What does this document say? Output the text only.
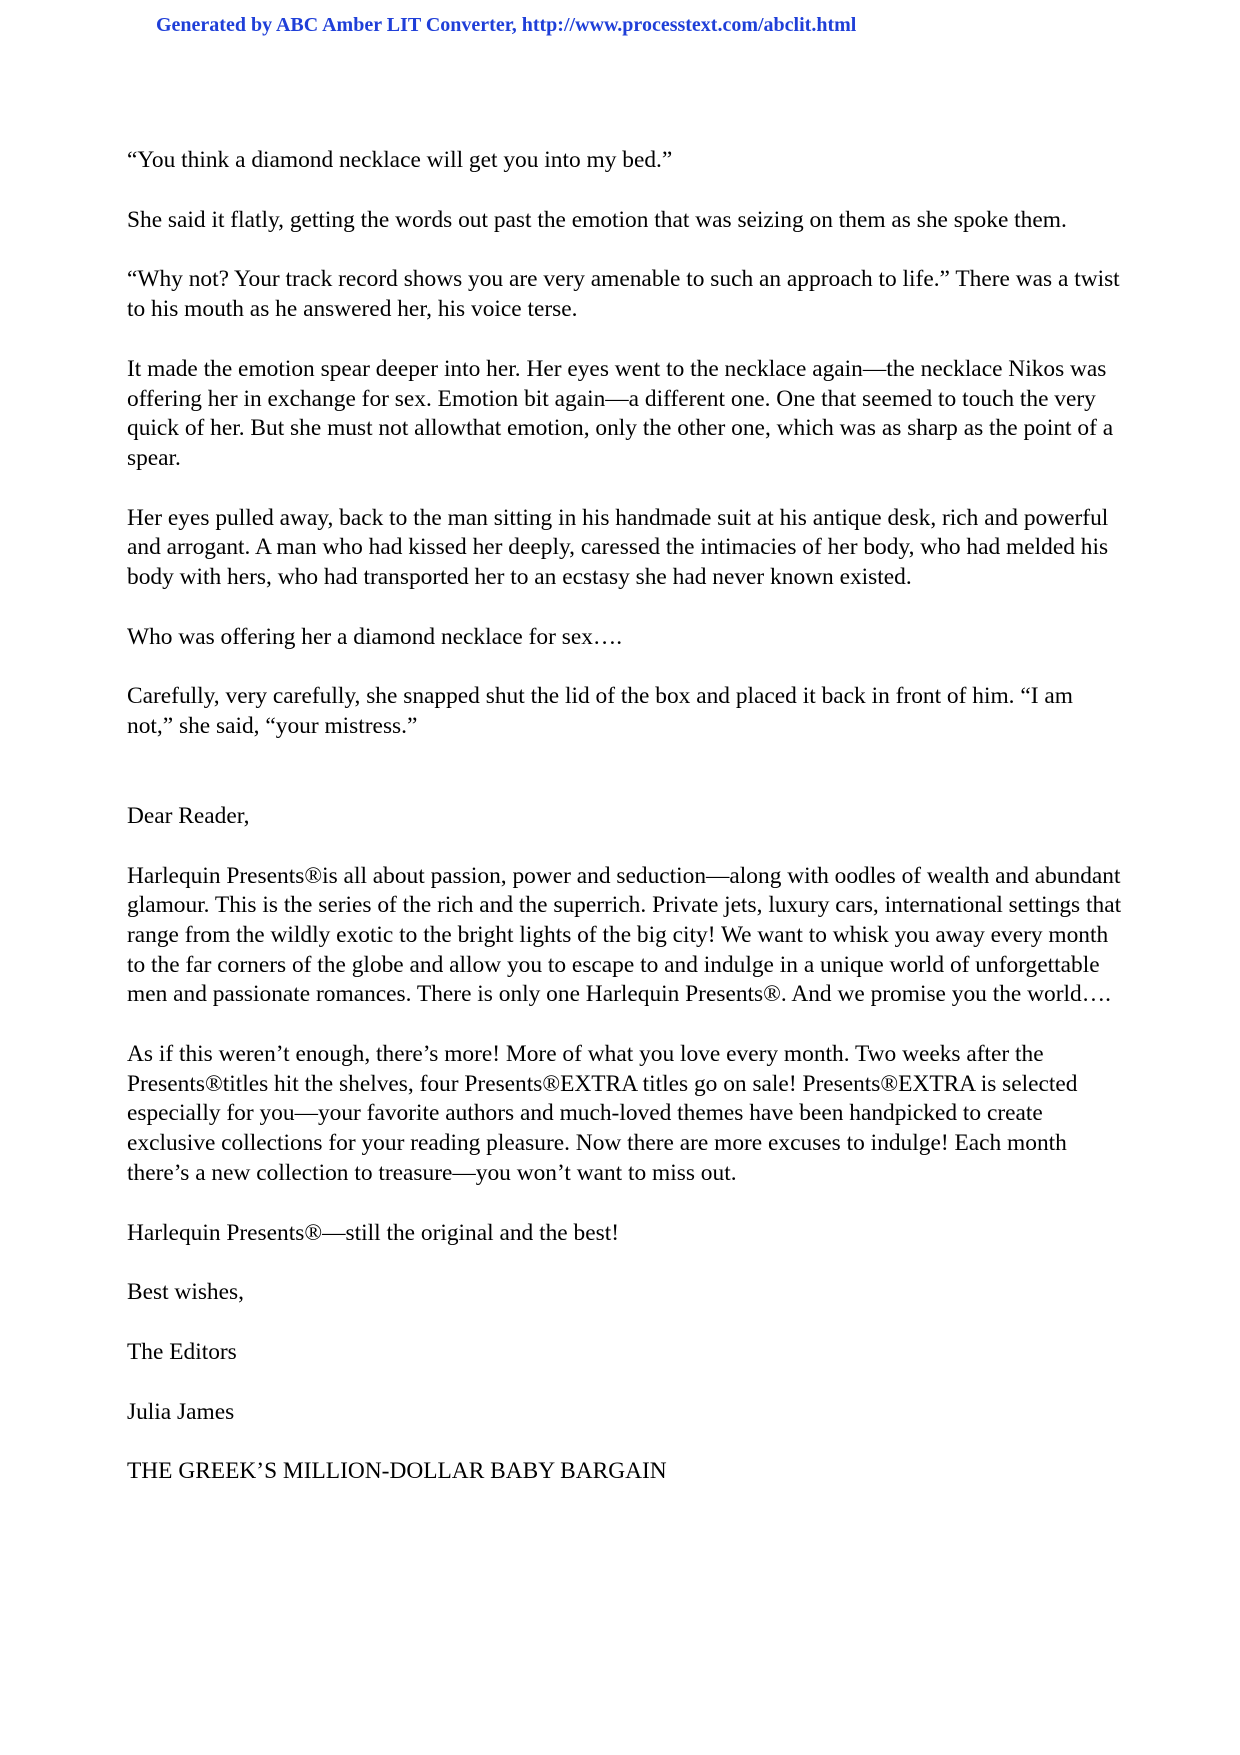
Generated by ABC Amber LIT Converter, http://www.processtext.com/abclit.html

“You think a diamond necklace will get you into my bed.”

She said it flatly, getting the words out past the emotion that was seizing on them as she spoke them.

“Why not? Your track record shows you are very amenable to such an approach to life.” There was a twist to his mouth as he answered her, his voice terse.

It made the emotion spear deeper into her. Her eyes went to the necklace again—the necklace Nikos was offering her in exchange for sex. Emotion bit again—a different one. One that seemed to touch the very quick of her. But she must not allowthat emotion, only the other one, which was as sharp as the point of a spear.

Her eyes pulled away, back to the man sitting in his handmade suit at his antique desk, rich and powerful and arrogant. A man who had kissed her deeply, caressed the intimacies of her body, who had melded his body with hers, who had transported her to an ecstasy she had never known existed.

Who was offering her a diamond necklace for sex….

Carefully, very carefully, she snapped shut the lid of the box and placed it back in front of him. “I am not,” she said, “your mistress.”

Dear Reader,

Harlequin Presents®is all about passion, power and seduction—along with oodles of wealth and abundant glamour. This is the series of the rich and the superrich. Private jets, luxury cars, international settings that range from the wildly exotic to the bright lights of the big city! We want to whisk you away every month to the far corners of the globe and allow you to escape to and indulge in a unique world of unforgettable men and passionate romances. There is only one Harlequin Presents®. And we promise you the world….

As if this weren’t enough, there’s more! More of what you love every month. Two weeks after the Presents®titles hit the shelves, four Presents®EXTRA titles go on sale! Presents®EXTRA is selected especially for you—your favorite authors and much-loved themes have been handpicked to create exclusive collections for your reading pleasure. Now there are more excuses to indulge! Each month there’s a new collection to treasure—you won’t want to miss out.

Harlequin Presents®—still the original and the best!

Best wishes,

The Editors

Julia James

THE GREEK’S MILLION-DOLLAR BABY BARGAIN
